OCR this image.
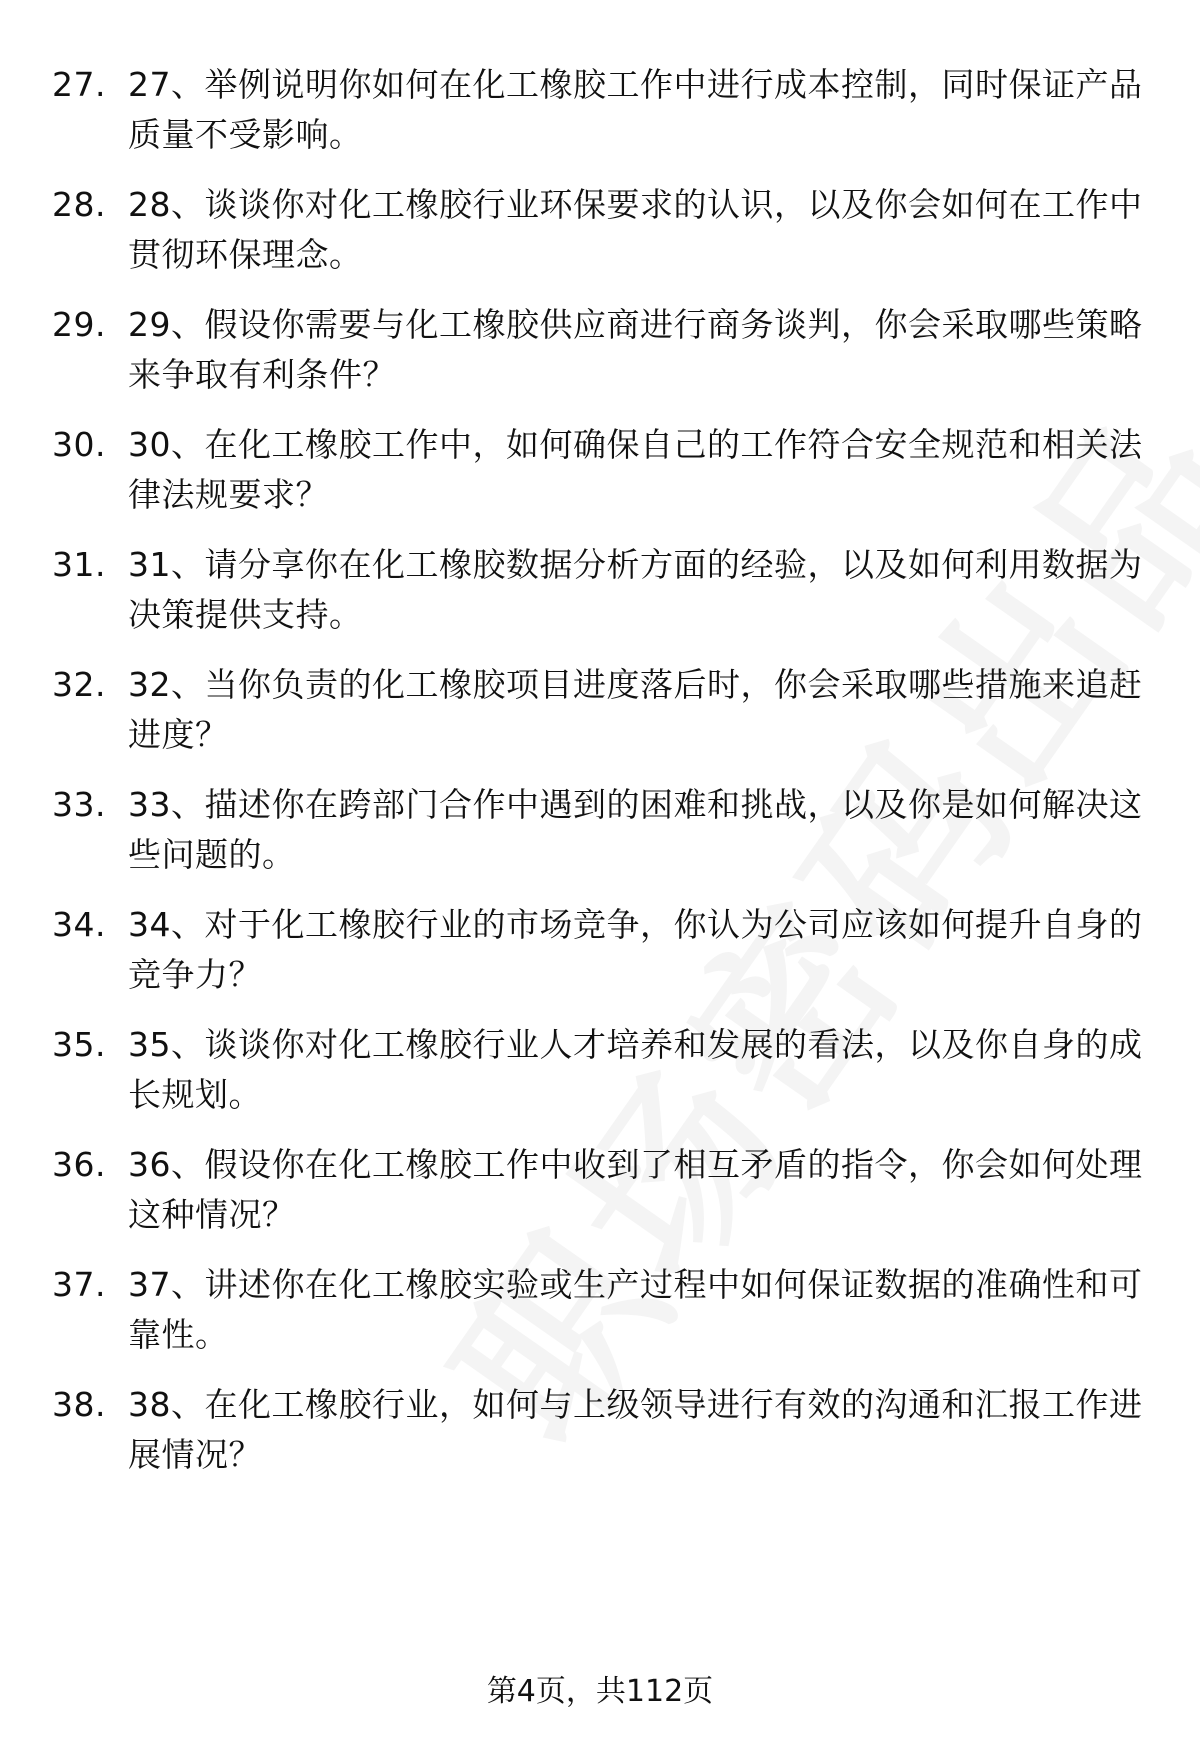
27. 27、举例说明你如何在化工橡胶工作中进行成本控制，同时保证产品质量不受影响。
28. 28、谈谈你对化工橡胶行业环保要求的认识，以及你会如何在工作中贯彻环保理念。
29. 29、假设你需要与化工橡胶供应商进行商务谈判，你会采取哪些策略来争取有利条件？
30. 30、在化工橡胶工作中，如何确保自己的工作符合安全规范和相关法律法规要求？
31. 31、请分享你在化工橡胶数据分析方面的经验，以及如何利用数据为决策提供支持。
32. 32、当你负责的化工橡胶项目进度落后时，你会采取哪些措施来追赶进度？
33. 33、描述你在跨部门合作中遇到的困难和挑战，以及你是如何解决这些问题的。
34. 34、对于化工橡胶行业的市场竞争，你认为公司应该如何提升自身的竞争力？
35. 35、谈谈你对化工橡胶行业人才培养和发展的看法，以及你自身的成长规划。
36. 36、假设你在化工橡胶工作中收到了相互矛盾的指令，你会如何处理这种情况？
37. 37、讲述你在化工橡胶实验或生产过程中如何保证数据的准确性和可靠性。
38. 38、在化工橡胶行业，如何与上级领导进行有效的沟通和汇报工作进展情况？
第4页，共112页
